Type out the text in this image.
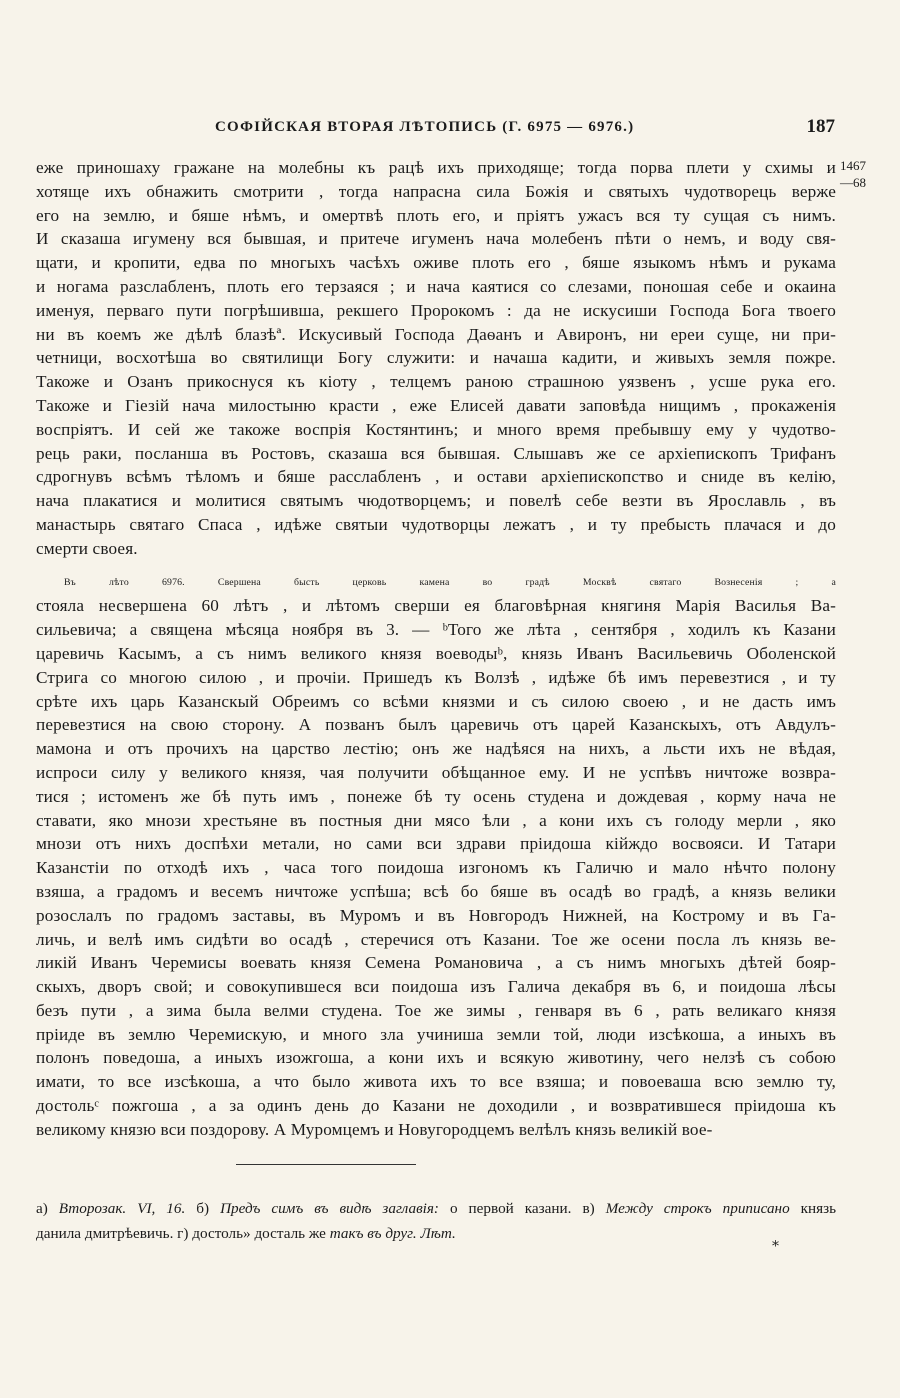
СОФІЙСКАЯ ВТОРАЯ ЛѢТОПИСЬ (Г. 6975 — 6976.)	187
1467
—68
еже приношаху гражане на молебны къ рацѣ ихъ приходяще; тогда порва плети у схимы и
хотяще ихъ обнажить смотрити , тогда напрасна сила Божія и святыхъ чудотворець верже
его на землю, и бяше нѣмъ, и омертвѣ плоть его, и пріятъ ужасъ вся ту сущая съ нимъ.
И сказаша игумену вся бывшая, и притече игуменъ нача молебенъ пѣти о немъ, и воду свя-
щати, и кропити, едва по многыхъ часѣхъ оживе плоть его , бяше языкомъ нѣмъ и рукама
и ногама разслабленъ, плоть его терзаяся ; и нача каятися со слезами, поношая себе и окаина
именуя, перваго пути погрѣшивша, рекшего Пророкомъ : да не искусиши Господа Бога твоего
ни въ коемъ же дѣлѣ блазѣª. Искусивый Господа Даѳанъ и Авиронъ, ни ереи суще, ни при-
четници, восхотѣша во святилищи Богу служити: и начаша кадити, и живыхъ земля пожре.
Такоже и Озанъ прикоснуся къ кіоту , телцемъ раною страшною уязвенъ , усше рука его.
Такоже и Гіезій нача милостыню красти , еже Елисей давати заповѣда нищимъ , прокаженія
воспріятъ. И сей же такоже воспрія Костянтинъ; и много время пребывшу ему у чудотво-
рець раки, посланша въ Ростовъ, сказаша вся бывшая. Слышавъ же се архіепископъ Трифанъ
сдрогнувъ всѣмъ тѣломъ и бяше расслабленъ , и остави архіепископство и сниде въ келію,
нача плакатися и молитися святымъ чюдотворцемъ; и повелѣ себе везти въ Ярославль , въ
манастырь святаго Спаса , идѣже святыи чудотворцы лежатъ , и ту пребысть плачася и до
смерти своея.
Въ лѣто 6976. Свершена бысть церковь камена во градѣ Москвѣ святаго Вознесенія ; а
стояла несвершена 60 лѣтъ , и лѣтомъ сверши ея благовѣрная княгиня Марія Василья Ва-
сильевича; а священа мѣсяца ноября въ 3. — ᵇТого же лѣта , сентября , ходилъ къ Казани
царевичь Касымъ, а съ нимъ великого князя воеводыᵇ, князь Иванъ Васильевичь Оболенской
Стрига со многою силою , и прочіи. Пришедъ къ Волзѣ , идѣже бѣ имъ перевезтися , и ту
срѣте ихъ царь Казанскый Обреимъ со всѣми князми и съ силою своею , и не дасть имъ
перевезтися на свою сторону. А позванъ былъ царевичь отъ царей Казанскыхъ, отъ Авдулъ-
мамона и отъ прочихъ на царство лестію; онъ же надѣяся на нихъ, а льсти ихъ не вѣдая,
испроси силу у великого князя, чая получити обѣщанное ему. И не успѣвъ ничтоже возвра-
тися ; истоменъ же бѣ путь имъ , понеже бѣ ту осень студена и дождевая , корму нача не
ставати, яко мнози хрестьяне въ постныя дни мясо ѣли , а кони ихъ съ голоду мерли , яко
мнози отъ нихъ доспѣхи метали, но сами вси здрави пріидоша кійждо восвояси. И Татари
Казанстіи по отходѣ ихъ , часа того поидоша изгономъ къ Галичю и мало нѣчто полону
взяша, а градомъ и весемъ ничтоже успѣша; всѣ бо бяше въ осадѣ во градѣ, а князь велики
розослалъ по градомъ заставы, въ Муромъ и въ Новгородъ Нижней, на Кострому и въ Га-
личь, и велѣ имъ сидѣти во осадѣ , стеречися отъ Казани. Тое же осени посла лъ князь ве-
ликій Иванъ Черемисы воевать князя Семена Романовича , а съ нимъ многыхъ дѣтей бояр-
скыхъ, дворъ свой; и совокупившеся вси поидоша изъ Галича декабря въ 6, и поидоша лѣсы
безъ пути , а зима была велми студена. Тое же зимы , генваря въ 6 , рать великаго князя
пріиде въ землю Черемискую, и много зла учиниша земли той, люди изсѣкоша, а иныхъ въ
полонъ поведоша, а иныхъ изожгоша, а кони ихъ и всякую животину, чего нелзѣ съ собою
имати, то все изсѣкоша, а что было живота ихъ то все взяша; и повоеваша всю землю ту,
достольᶜ пожгоша , а за одинъ день до Казани не доходили , и возвратившеся пріидоша къ
великому князю вси поздорову. А Муромцемъ и Новугородцемъ велѣлъ князь великій вое-
а) Второзак. VI, 16. б) Предъ симъ въ видѣ заглавія: о первой казани. в) Между строкъ приписано князь
данила дмитрѣевичь. г) достоль» досталь же такъ въ друг. Лѣт.
⁎
